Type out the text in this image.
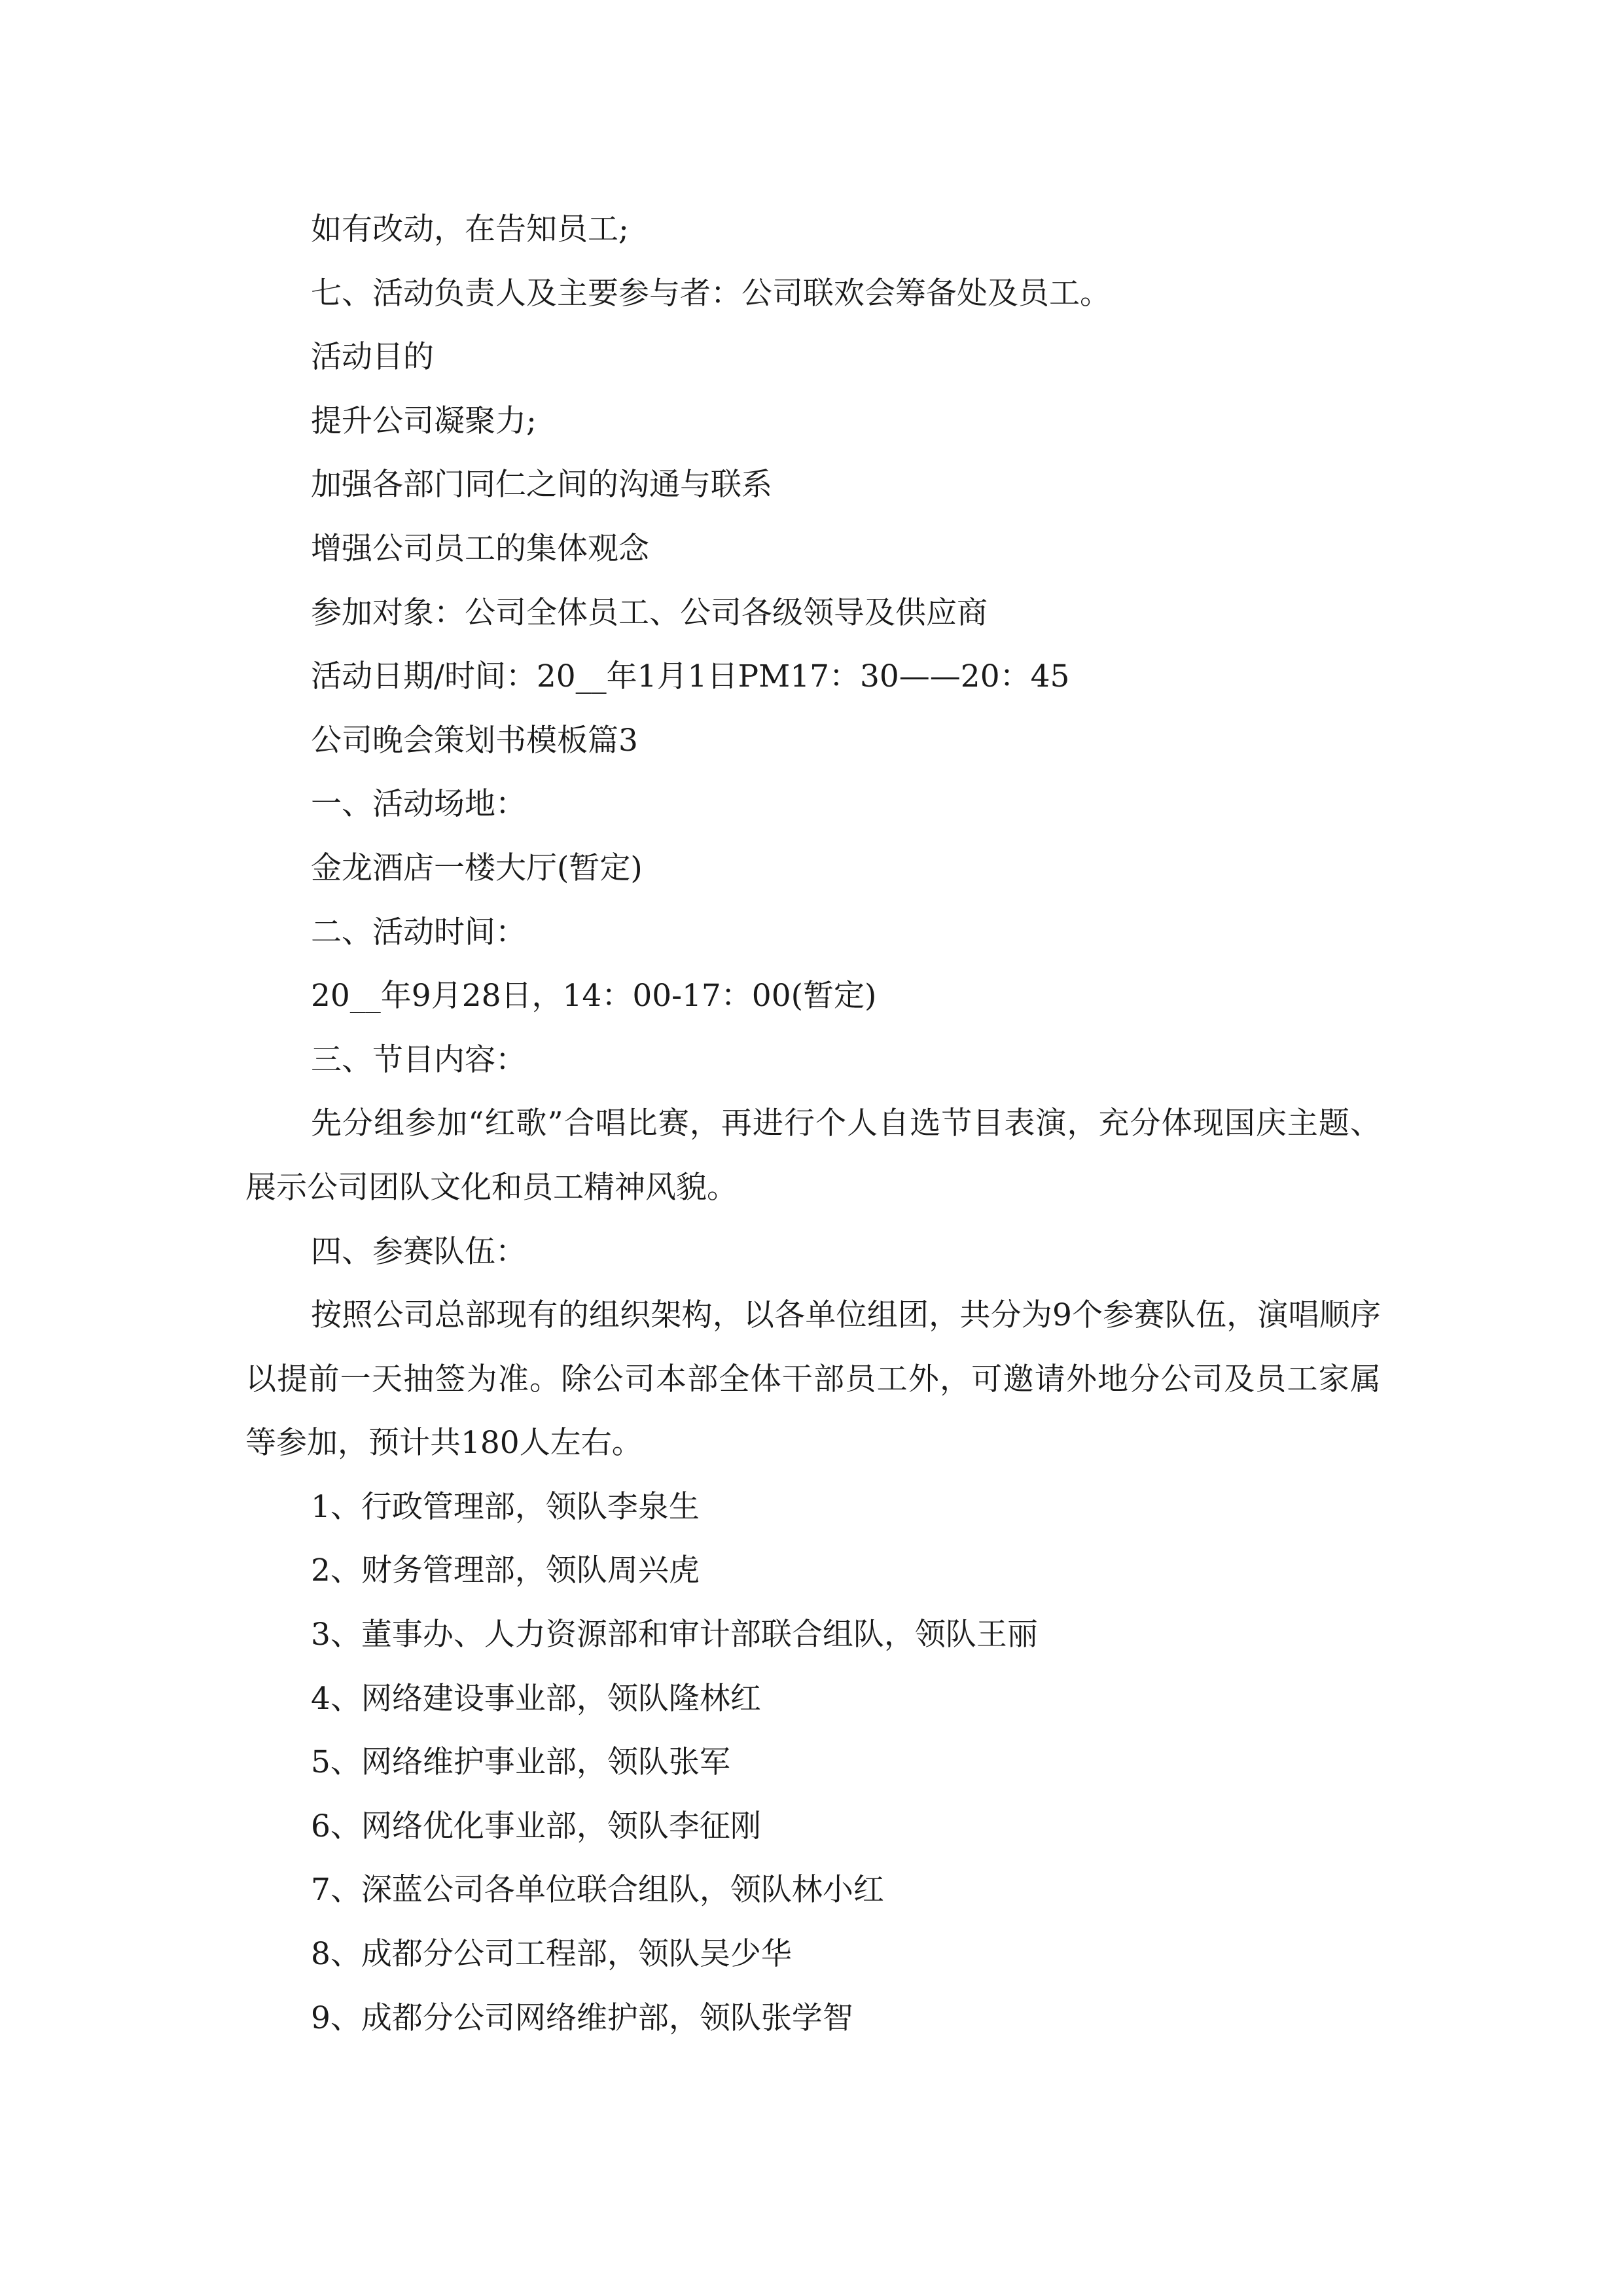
如有改动，在告知员工;

七、活动负责人及主要参与者：公司联欢会筹备处及员工。

活动目的

提升公司凝聚力;

加强各部门同仁之间的沟通与联系

增强公司员工的集体观念

参加对象：公司全体员工、公司各级领导及供应商

活动日期/时间：20__年1月1日PM17：30——20：45

公司晚会策划书模板篇3

一、活动场地：

金龙酒店一楼大厅(暂定)

二、活动时间：

20__年9月28日，14：00-17：00(暂定)

三、节目内容：

先分组参加“红歌”合唱比赛，再进行个人自选节目表演，充分体现国庆主题、展示公司团队文化和员工精神风貌。

四、参赛队伍：

按照公司总部现有的组织架构，以各单位组团，共分为9个参赛队伍，演唱顺序以提前一天抽签为准。除公司本部全体干部员工外，可邀请外地分公司及员工家属等参加，预计共180人左右。

1、行政管理部，领队李泉生

2、财务管理部，领队周兴虎

3、董事办、人力资源部和审计部联合组队，领队王丽

4、网络建设事业部，领队隆林红

5、网络维护事业部，领队张军

6、网络优化事业部，领队李征刚

7、深蓝公司各单位联合组队，领队林小红

8、成都分公司工程部，领队吴少华

9、成都分公司网络维护部，领队张学智
